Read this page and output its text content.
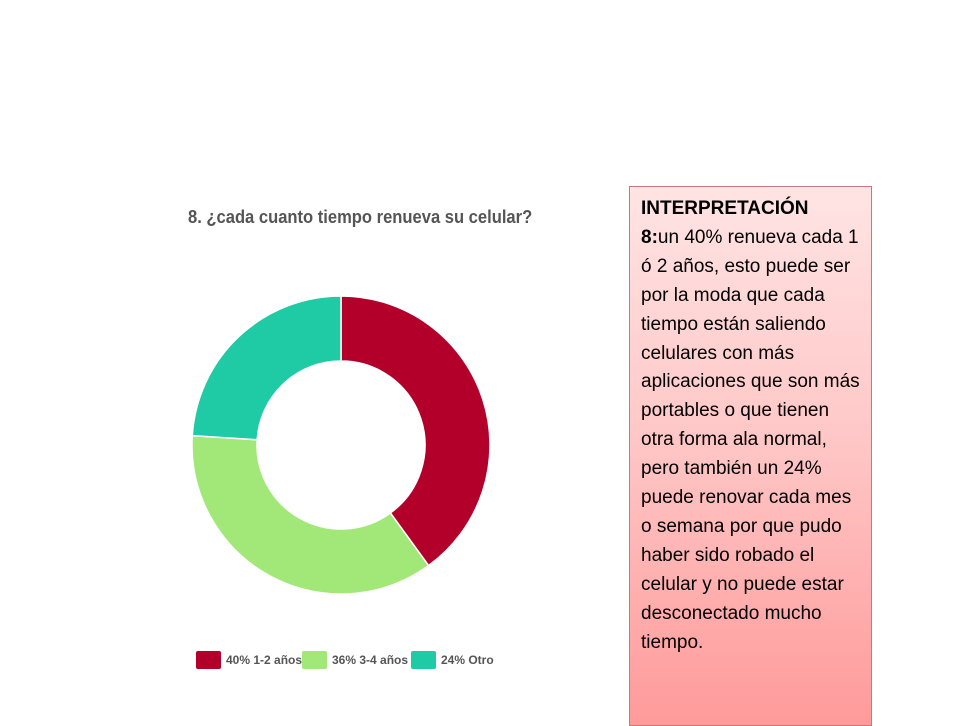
8. ¿cada cuanto tiempo renueva su celular?
40% 1-2 años 36% 3-4 años	24% Otro
INTERPRETACIÓN
8:un 40% renueva cada 1 ó 2 años, esto puede ser por la moda que cada tiempo están saliendo celulares con más aplicaciones que son más portables o que tienen otra forma ala normal, pero también un 24% puede renovar cada mes o semana por que pudo haber sido robado el celular y no puede estar desconectado mucho tiempo.
